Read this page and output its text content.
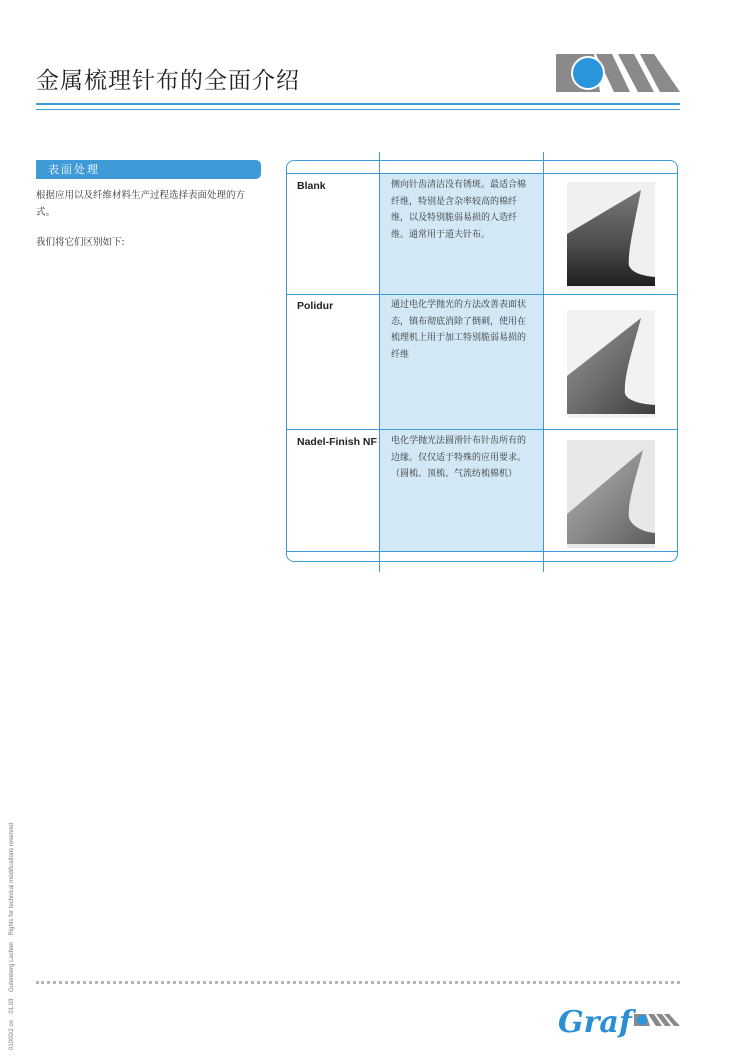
金属梳理针布的全面介绍
表面处理
根据应用以及纤维材料生产过程选择表面处理的方式。
我们将它们区别如下:
Blank	侧向针齿清洁没有锈斑。最适合棉纤维，特别是含杂率较高的棉纤维，以及特别脆弱易损的人造纤维。通常用于道夫针布。
Polidur	通过电化学抛光的方法改善表面状态，镇布彻底消除了倒刺，使用在梳理机上用于加工特别脆弱易损的纤维
Nadel-Finish NF 电化学抛光法圆滑针布针齿所有的边缘。仅仅适于特殊的应用要求。（圆梳、顶梳、气流纺梳棉机）
01000/2 cn 01.03 Gutenberg Lachen Rights for technical modifications reserved
Graf
